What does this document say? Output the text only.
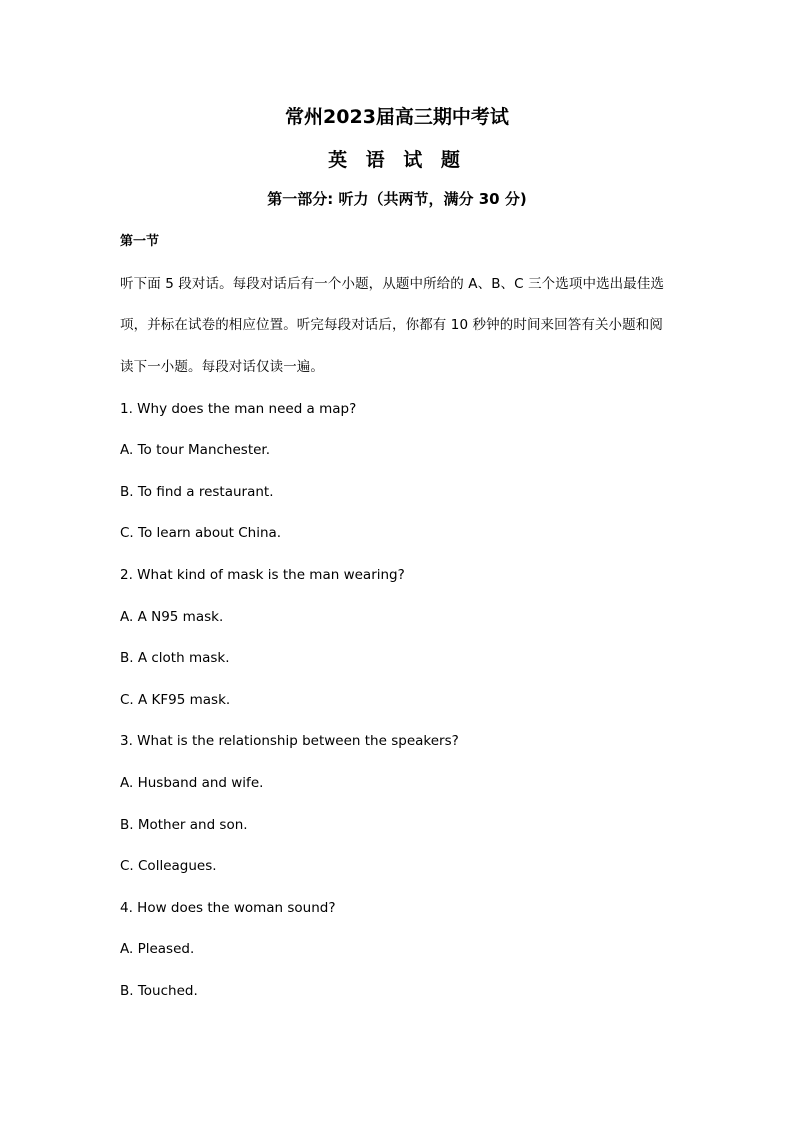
常州2023届高三期中考试
英 语 试 题
第一部分: 听力（共两节，满分 30 分)
第一节
听下面 5 段对话。每段对话后有一个小题，从题中所给的 A、B、C 三个选项中选出最佳选
项，并标在试卷的相应位置。听完每段对话后，你都有 10 秒钟的时间来回答有关小题和阅
读下一小题。每段对话仅读一遍。
1. Why does the man need a map?
A. To tour Manchester.
B. To find a restaurant.
C. To learn about China.
2. What kind of mask is the man wearing?
A. A N95 mask.
B. A cloth mask.
C. A KF95 mask.
3. What is the relationship between the speakers?
A. Husband and wife.
B. Mother and son.
C. Colleagues.
4. How does the woman sound?
A. Pleased.
B. Touched.
